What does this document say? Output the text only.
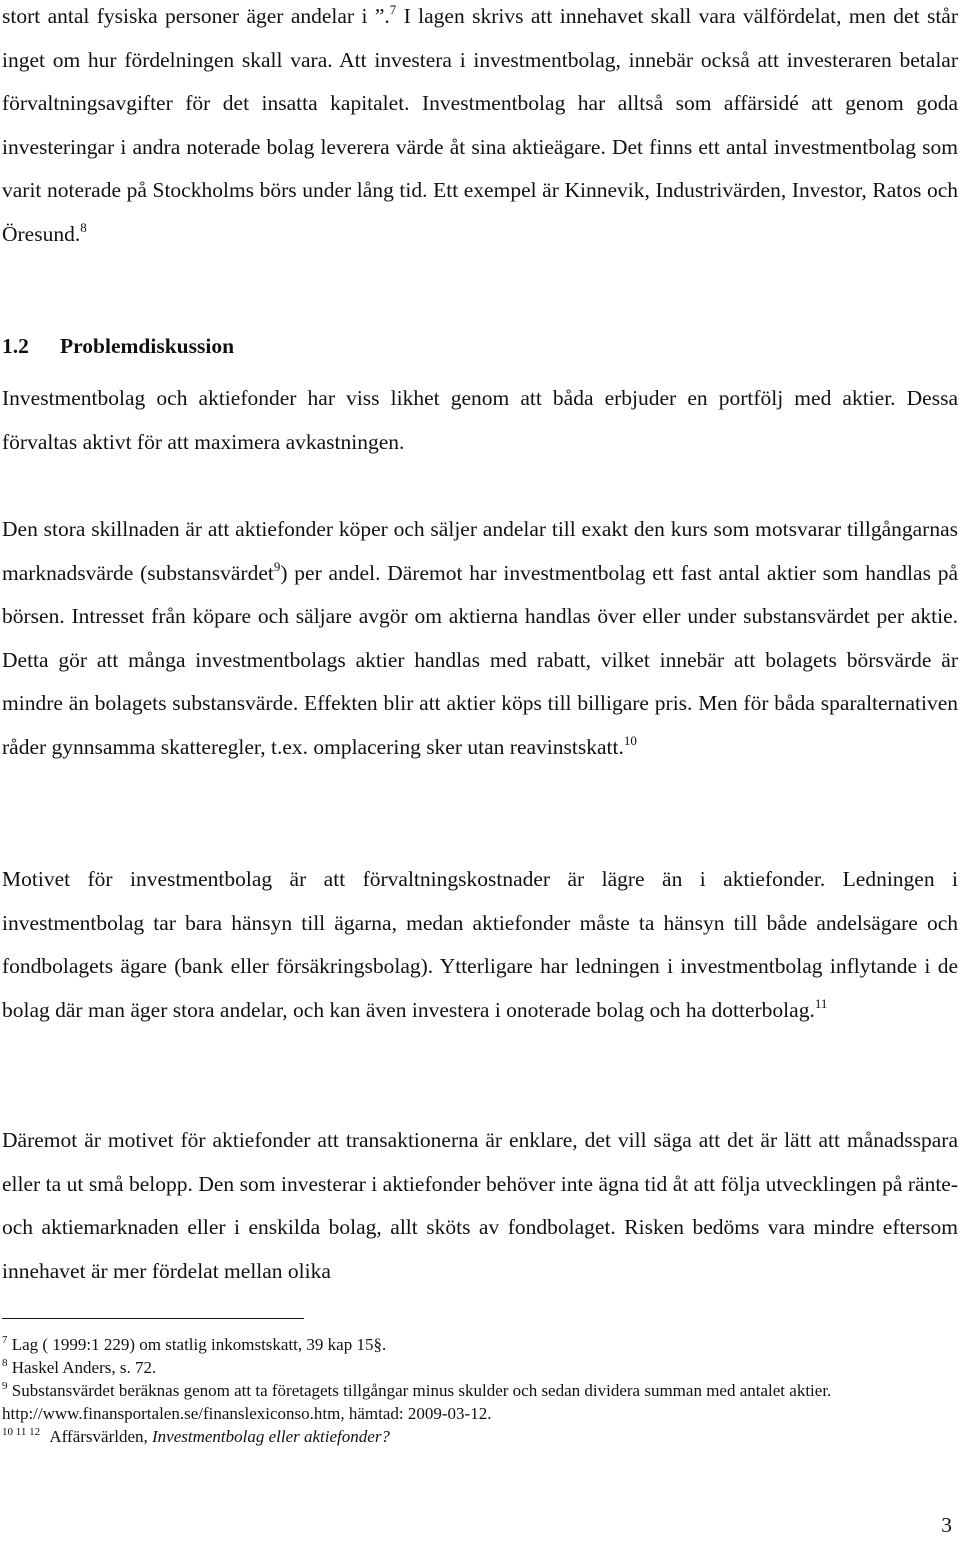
stort antal fysiska personer äger andelar i ”.$^7$ I lagen skrivs att innehavet skall vara välfördelat, men det står inget om hur fördelningen skall vara. Att investera i investmentbolag, innebär också att investeraren betalar förvaltningsavgifter för det insatta kapitalet. Investmentbolag har alltså som affärsidé att genom goda investeringar i andra noterade bolag leverera värde åt sina aktieägare. Det finns ett antal investmentbolag som varit noterade på Stockholms börs under lång tid. Ett exempel är Kinnevik, Industrivärden, Investor, Ratos och Öresund.$^8$

1.2 Problemdiskussion

Investmentbolag och aktiefonder har viss likhet genom att båda erbjuder en portfölj med aktier. Dessa förvaltas aktivt för att maximera avkastningen.

Den stora skillnaden är att aktiefonder köper och säljer andelar till exakt den kurs som motsvarar tillgångarnas marknadsvärde (substansvärdet$^9$) per andel. Däremot har investmentbolag ett fast antal aktier som handlas på börsen. Intresset från köpare och säljare avgör om aktierna handlas över eller under substansvärdet per aktie. Detta gör att många investmentbolags aktier handlas med rabatt, vilket innebär att bolagets börsvärde är mindre än bolagets substansvärde. Effekten blir att aktier köps till billigare pris. Men för båda sparalternativen råder gynnsamma skatteregler, t.ex. omplacering sker utan reavinstskatt.$^{10}$

Motivet för investmentbolag är att förvaltningskostnader är lägre än i aktiefonder. Ledningen i investmentbolag tar bara hänsyn till ägarna, medan aktiefonder måste ta hänsyn till både andelsägare och fondbolagets ägare (bank eller försäkringsbolag). Ytterligare har ledningen i investmentbolag inflytande i de bolag där man äger stora andelar, och kan även investera i onoterade bolag och ha dotterbolag.$^{11}$

Däremot är motivet för aktiefonder att transaktionerna är enklare, det vill säga att det är lätt att månadsspara eller ta ut små belopp. Den som investerar i aktiefonder behöver inte ägna tid åt att följa utvecklingen på ränte- och aktiemarknaden eller i enskilda bolag, allt sköts av fondbolaget. Risken bedöms vara mindre eftersom innehavet är mer fördelat mellan olika

$^7$ Lag ( 1999:1 229) om statlig inkomstskatt, 39 kap 15§.

$^8$ Haskel Anders, s. 72.

$^9$ Substansvärdet beräknas genom att ta företagets tillgångar minus skulder och sedan dividera summan med antalet aktier. http://www.finansportalen.se/finanslexiconso.htm, hämtad: 2009-03-12.

$^{10 11 12}$ Affärsvärlden, Investmentbolag eller aktiefonder?

3
